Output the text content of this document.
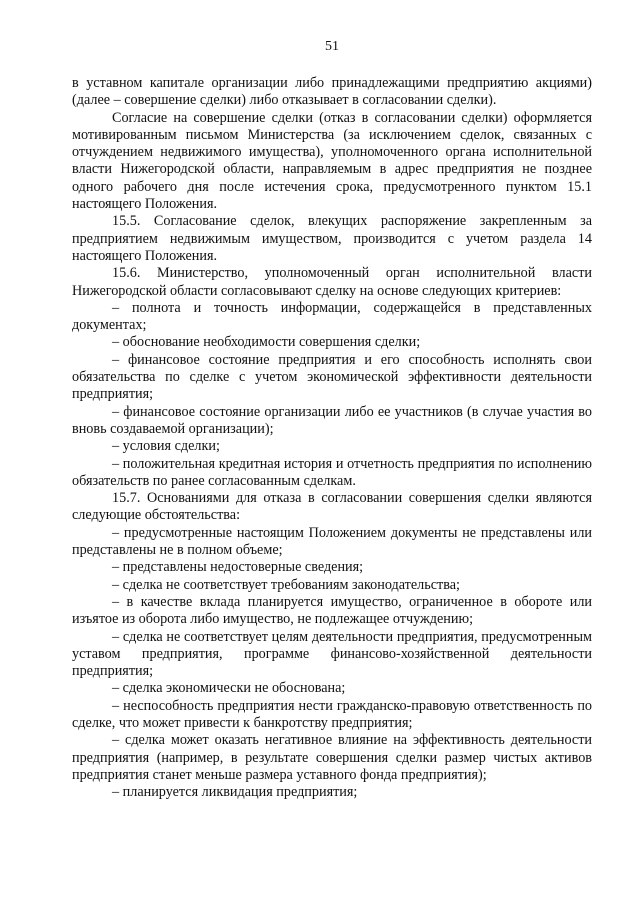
51

в уставном капитале организации либо принадлежащими предприятию акциями) (далее – совершение сделки) либо отказывает в согласовании сделки).

Согласие на совершение сделки (отказ в согласовании сделки) оформляется мотивированным письмом Министерства (за исключением сделок, связанных с отчуждением недвижимого имущества), уполномоченного органа исполнительной власти Нижегородской области, направляемым в адрес предприятия не позднее одного рабочего дня после истечения срока, предусмотренного пунктом 15.1 настоящего Положения.

15.5. Согласование сделок, влекущих распоряжение закрепленным за предприятием недвижимым имуществом, производится с учетом раздела 14 настоящего Положения.

15.6. Министерство, уполномоченный орган исполнительной власти Нижегородской области согласовывают сделку на основе следующих критериев:

– полнота и точность информации, содержащейся в представленных документах;

– обоснование необходимости совершения сделки;

– финансовое состояние предприятия и его способность исполнять свои обязательства по сделке с учетом экономической эффективности деятельности предприятия;

– финансовое состояние организации либо ее участников (в случае участия во вновь создаваемой организации);

– условия сделки;

– положительная кредитная история и отчетность предприятия по исполнению обязательств по ранее согласованным сделкам.

15.7. Основаниями для отказа в согласовании совершения сделки являются следующие обстоятельства:

– предусмотренные настоящим Положением документы не представлены или представлены не в полном объеме;

– представлены недостоверные сведения;

– сделка не соответствует требованиям законодательства;

– в качестве вклада планируется имущество, ограниченное в обороте или изъятое из оборота либо имущество, не подлежащее отчуждению;

– сделка не соответствует целям деятельности предприятия, предусмотренным уставом предприятия, программе финансово-хозяйственной деятельности предприятия;

– сделка экономически не обоснована;

– неспособность предприятия нести гражданско-правовую ответственность по сделке, что может привести к банкротству предприятия;

– сделка может оказать негативное влияние на эффективность деятельности предприятия (например, в результате совершения сделки размер чистых активов предприятия станет меньше размера уставного фонда предприятия);

– планируется ликвидация предприятия;
